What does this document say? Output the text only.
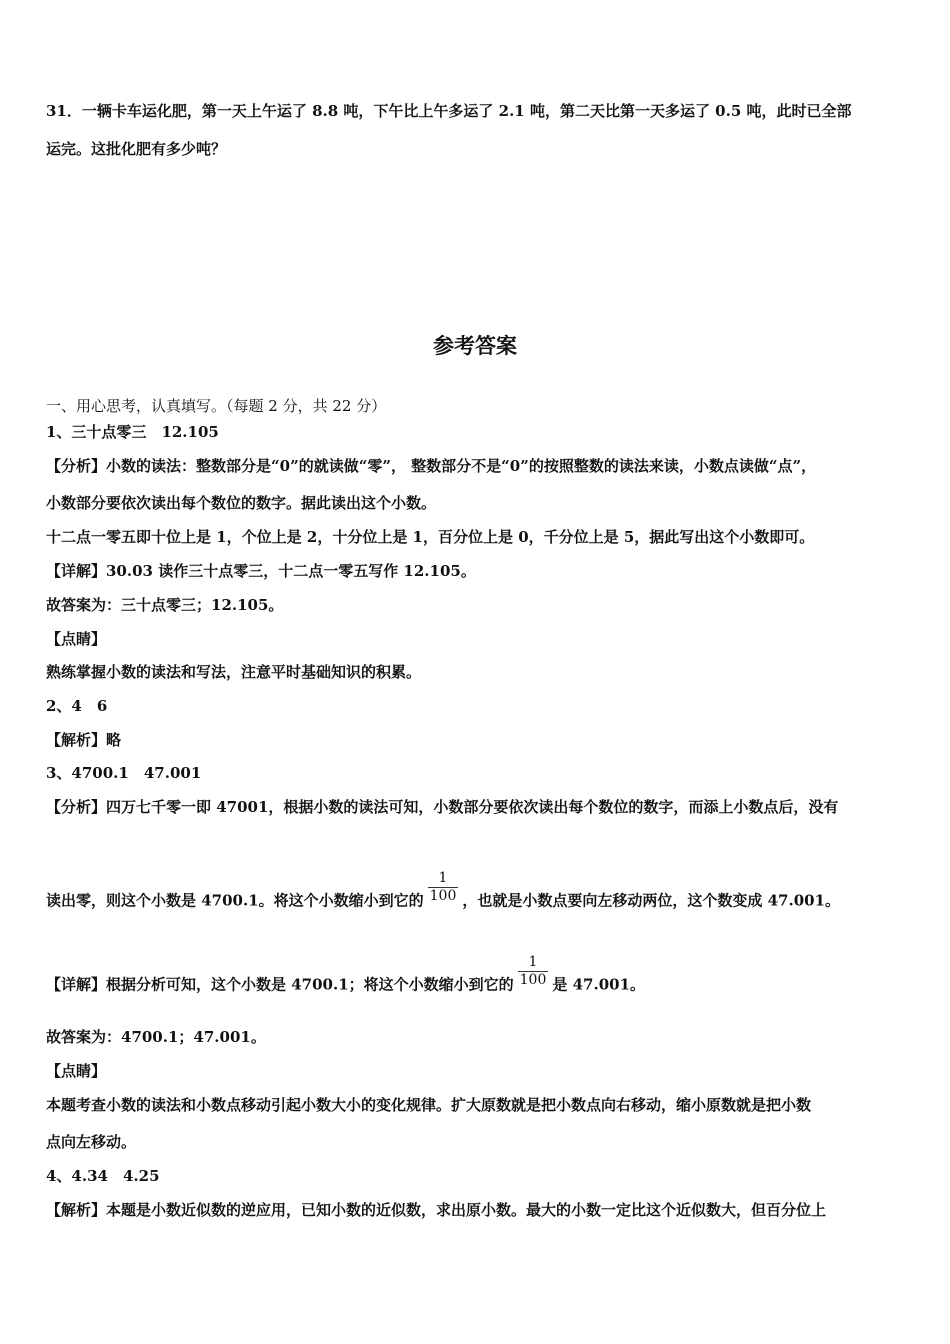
31．一辆卡车运化肥，第一天上午运了 8.8 吨，下午比上午多运了 2.1 吨，第二天比第一天多运了 0.5 吨，此时已全部
运完。这批化肥有多少吨？
参考答案
一、用心思考，认真填写。（每题 2 分，共 22 分）
1、三十点零三　12.105
【分析】小数的读法：整数部分是“0”的就读做“零”， 整数部分不是“0”的按照整数的读法来读，小数点读做“点”，
小数部分要依次读出每个数位的数字。据此读出这个小数。
十二点一零五即十位上是 1，个位上是 2，十分位上是 1，百分位上是 0，千分位上是 5，据此写出这个小数即可。
【详解】30.03 读作三十点零三，十二点一零五写作 12.105。
故答案为：三十点零三；12.105。
【点睛】
熟练掌握小数的读法和写法，注意平时基础知识的积累。
2、4　6
【解析】略
3、4700.1　47.001
【分析】四万七千零一即 47001，根据小数的读法可知，小数部分要依次读出每个数位的数字，而添上小数点后，没有
读出零，则这个小数是 4700.1。将这个小数缩小到它的 $\frac{1}{100}$ ，也就是小数点要向左移动两位，这个数变成 47.001。
【详解】根据分析可知，这个小数是 4700.1；将这个小数缩小到它的 $\frac{1}{100}$ 是 47.001。
故答案为：4700.1；47.001。
【点睛】
本题考查小数的读法和小数点移动引起小数大小的变化规律。扩大原数就是把小数点向右移动，缩小原数就是把小数
点向左移动。
4、4.34　4.25
【解析】本题是小数近似数的逆应用，已知小数的近似数，求出原小数。最大的小数一定比这个近似数大，但百分位上
